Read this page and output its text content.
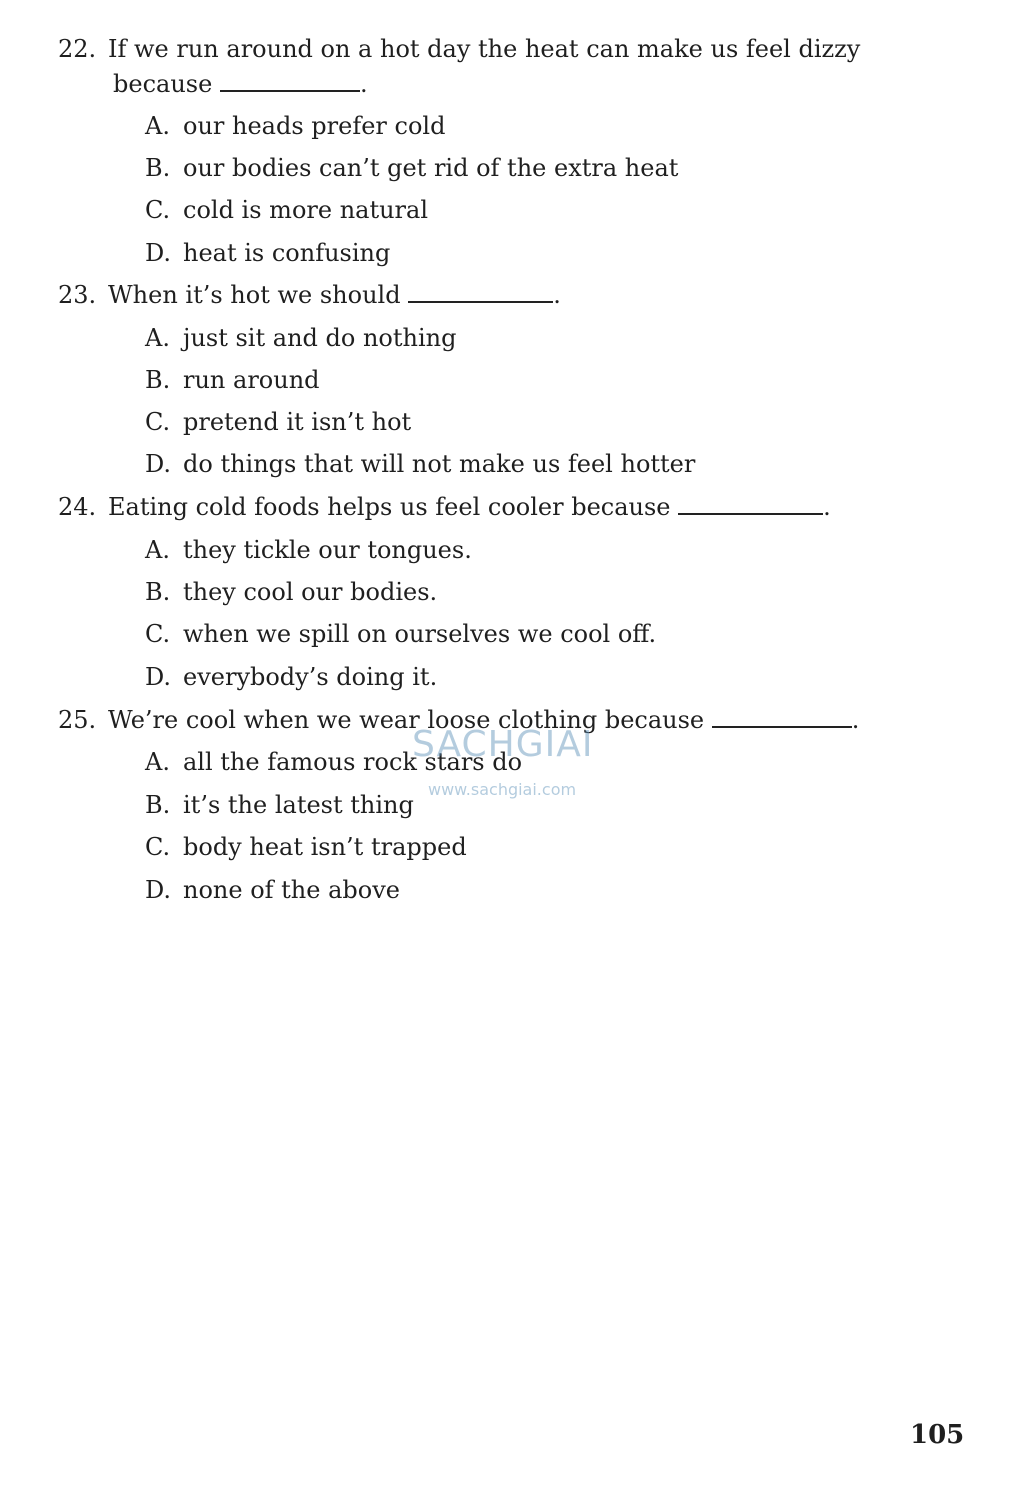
22. If we run around on a hot day the heat can make us feel dizzy
because	.
A. our heads prefer cold
B. our bodies can’t get rid of the extra heat
C. cold is more natural
D. heat is confusing
23. When it’s hot we should	.
A. just sit and do nothing
B. run around
C. pretend it isn’t hot
D. do things that will not make us feel hotter
24. Eating cold foods helps us feel cooler because	.
A. they tickle our tongues.
B. they cool our bodies.
C. when we spill on ourselves we cool off.
D. everybody’s doing it.
25. We’re cool when we wear loose clothing because	.
A. all the famous rock stars do
B. it’s the latest thing
C. body heat isn’t trapped
D. none of the above
SACHGIAI
www.sachgiai.com
105
